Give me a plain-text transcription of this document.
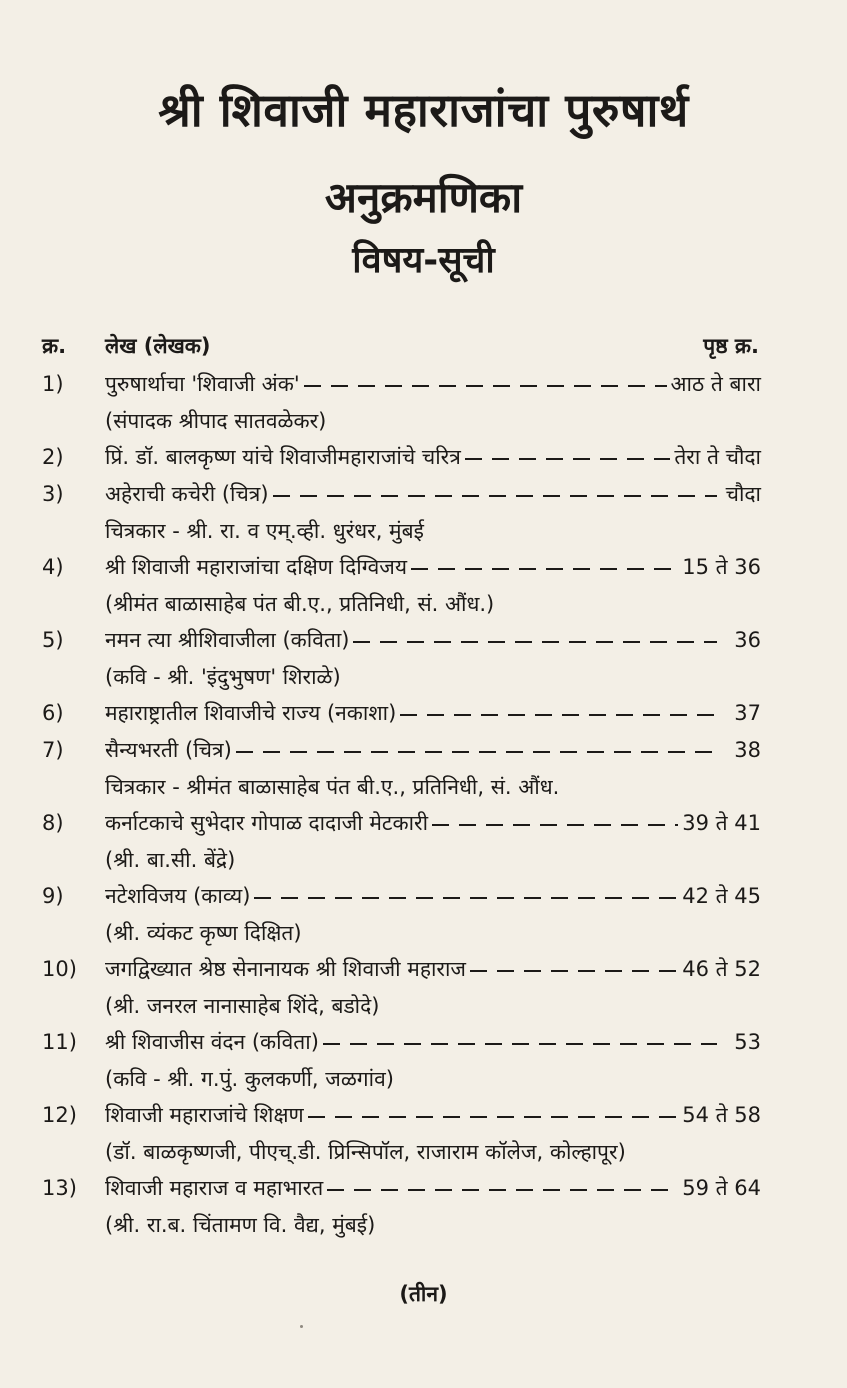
श्री शिवाजी महाराजांचा पुरुषार्थ
अनुक्रमणिका
विषय-सूची
क्र. लेख (लेखक)	पृष्ठ क्र.
1) पुरुषार्थाचा 'शिवाजी अंक'	आठ ते बारा
(संपादक श्रीपाद सातवळेकर)
2) प्रिं. डॉ. बालकृष्ण यांचे शिवाजीमहाराजांचे चरित्र	तेरा ते चौदा
3) अहेराची कचेरी (चित्र)	चौदा
चित्रकार - श्री. रा. व एम्.व्ही. धुरंधर, मुंबई
4) श्री शिवाजी महाराजांचा दक्षिण दिग्विजय	15 ते 36
(श्रीमंत बाळासाहेब पंत बी.ए., प्रतिनिधी, सं. औंध.)
5) नमन त्या श्रीशिवाजीला (कविता)	36
(कवि - श्री. 'इंदुभुषण' शिराळे)
6) महाराष्ट्रातील शिवाजीचे राज्य (नकाशा)	37
7) सैन्यभरती (चित्र)	38
चित्रकार - श्रीमंत बाळासाहेब पंत बी.ए., प्रतिनिधी, सं. औंध.
8) कर्नाटकाचे सुभेदार गोपाळ दादाजी मेटकारी	39 ते 41
(श्री. बा.सी. बेंद्रे)
9) नटेशविजय (काव्य)	42 ते 45
(श्री. व्यंकट कृष्ण दिक्षित)
10) जगद्विख्यात श्रेष्ठ सेनानायक श्री शिवाजी महाराज	46 ते 52
(श्री. जनरल नानासाहेब शिंदे, बडोदे)
11) श्री शिवाजीस वंदन (कविता)	53
(कवि - श्री. ग.पुं. कुलकर्णी, जळगांव)
12) शिवाजी महाराजांचे शिक्षण	54 ते 58
(डॉ. बाळकृष्णजी, पीएच्.डी. प्रिन्सिपॉल, राजाराम कॉलेज, कोल्हापूर)
13) शिवाजी महाराज व महाभारत	59 ते 64
(श्री. रा.ब. चिंतामण वि. वैद्य, मुंबई)
(तीन)
